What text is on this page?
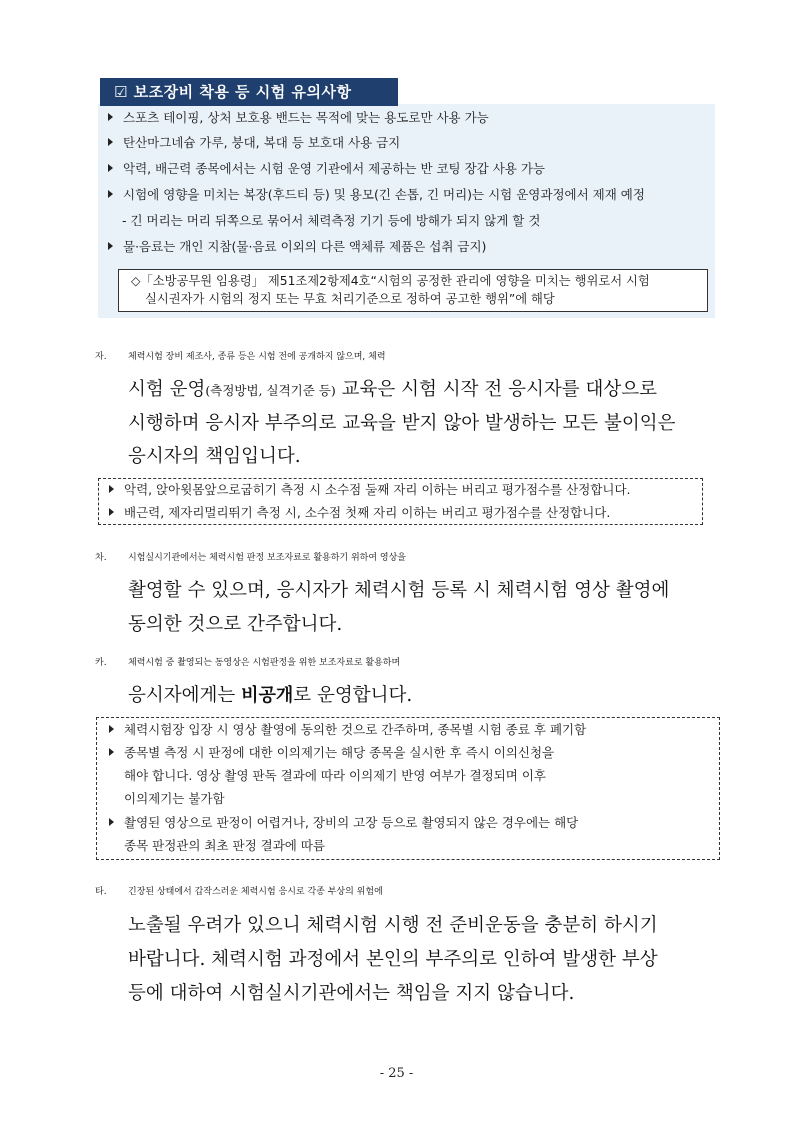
☑ 보조장비 착용 등 시험 유의사항
스포츠 테이핑, 상처 보호용 밴드는 목적에 맞는 용도로만 사용 가능
탄산마그네슘 가루, 붕대, 복대 등 보호대 사용 금지
악력, 배근력 종목에서는 시험 운영 기관에서 제공하는 반 코팅 장갑 사용 가능
시험에 영향을 미치는 복장(후드티 등) 및 용모(긴 손톱, 긴 머리)는 시험 운영과정에서 제재 예정
- 긴 머리는 머리 뒤쪽으로 묶어서 체력측정 기기 등에 방해가 되지 않게 할 것
물·음료는 개인 지참(물·음료 이외의 다른 액체류 제품은 섭취 금지)
◇「소방공무원 임용령」 제51조제2항제4호“시험의 공정한 관리에 영향을 미치는 행위로서 시험
실시권자가 시험의 정지 또는 무효 처리기준으로 정하여 공고한 행위”에 해당
자. 체력시험 장비 제조사, 종류 등은 시험 전에 공개하지 않으며, 체력
시험 운영(측정방법, 실격기준 등) 교육은 시험 시작 전 응시자를 대상으로
시행하며 응시자 부주의로 교육을 받지 않아 발생하는 모든 불이익은
응시자의 책임입니다.
악력, 앉아윗몸앞으로굽히기 측정 시 소수점 둘째 자리 이하는 버리고 평가점수를 산정합니다.
배근력, 제자리멀리뛰기 측정 시, 소수점 첫째 자리 이하는 버리고 평가점수를 산정합니다.
차. 시험실시기관에서는 체력시험 판정 보조자료로 활용하기 위하여 영상을
촬영할 수 있으며, 응시자가 체력시험 등록 시 체력시험 영상 촬영에
동의한 것으로 간주합니다.
카. 체력시험 중 촬영되는 동영상은 시험판정을 위한 보조자료로 활용하며
응시자에게는 비공개로 운영합니다.
체력시험장 입장 시 영상 촬영에 동의한 것으로 간주하며, 종목별 시험 종료 후 폐기함
종목별 측정 시 판정에 대한 이의제기는 해당 종목을 실시한 후 즉시 이의신청을
해야 합니다. 영상 촬영 판독 결과에 따라 이의제기 반영 여부가 결정되며 이후
이의제기는 불가함
촬영된 영상으로 판정이 어렵거나, 장비의 고장 등으로 촬영되지 않은 경우에는 해당
종목 판정관의 최초 판정 결과에 따름
타. 긴장된 상태에서 갑작스러운 체력시험 응시로 각종 부상의 위험에
노출될 우려가 있으니 체력시험 시행 전 준비운동을 충분히 하시기
바랍니다. 체력시험 과정에서 본인의 부주의로 인하여 발생한 부상
등에 대하여 시험실시기관에서는 책임을 지지 않습니다.
- 25 -
